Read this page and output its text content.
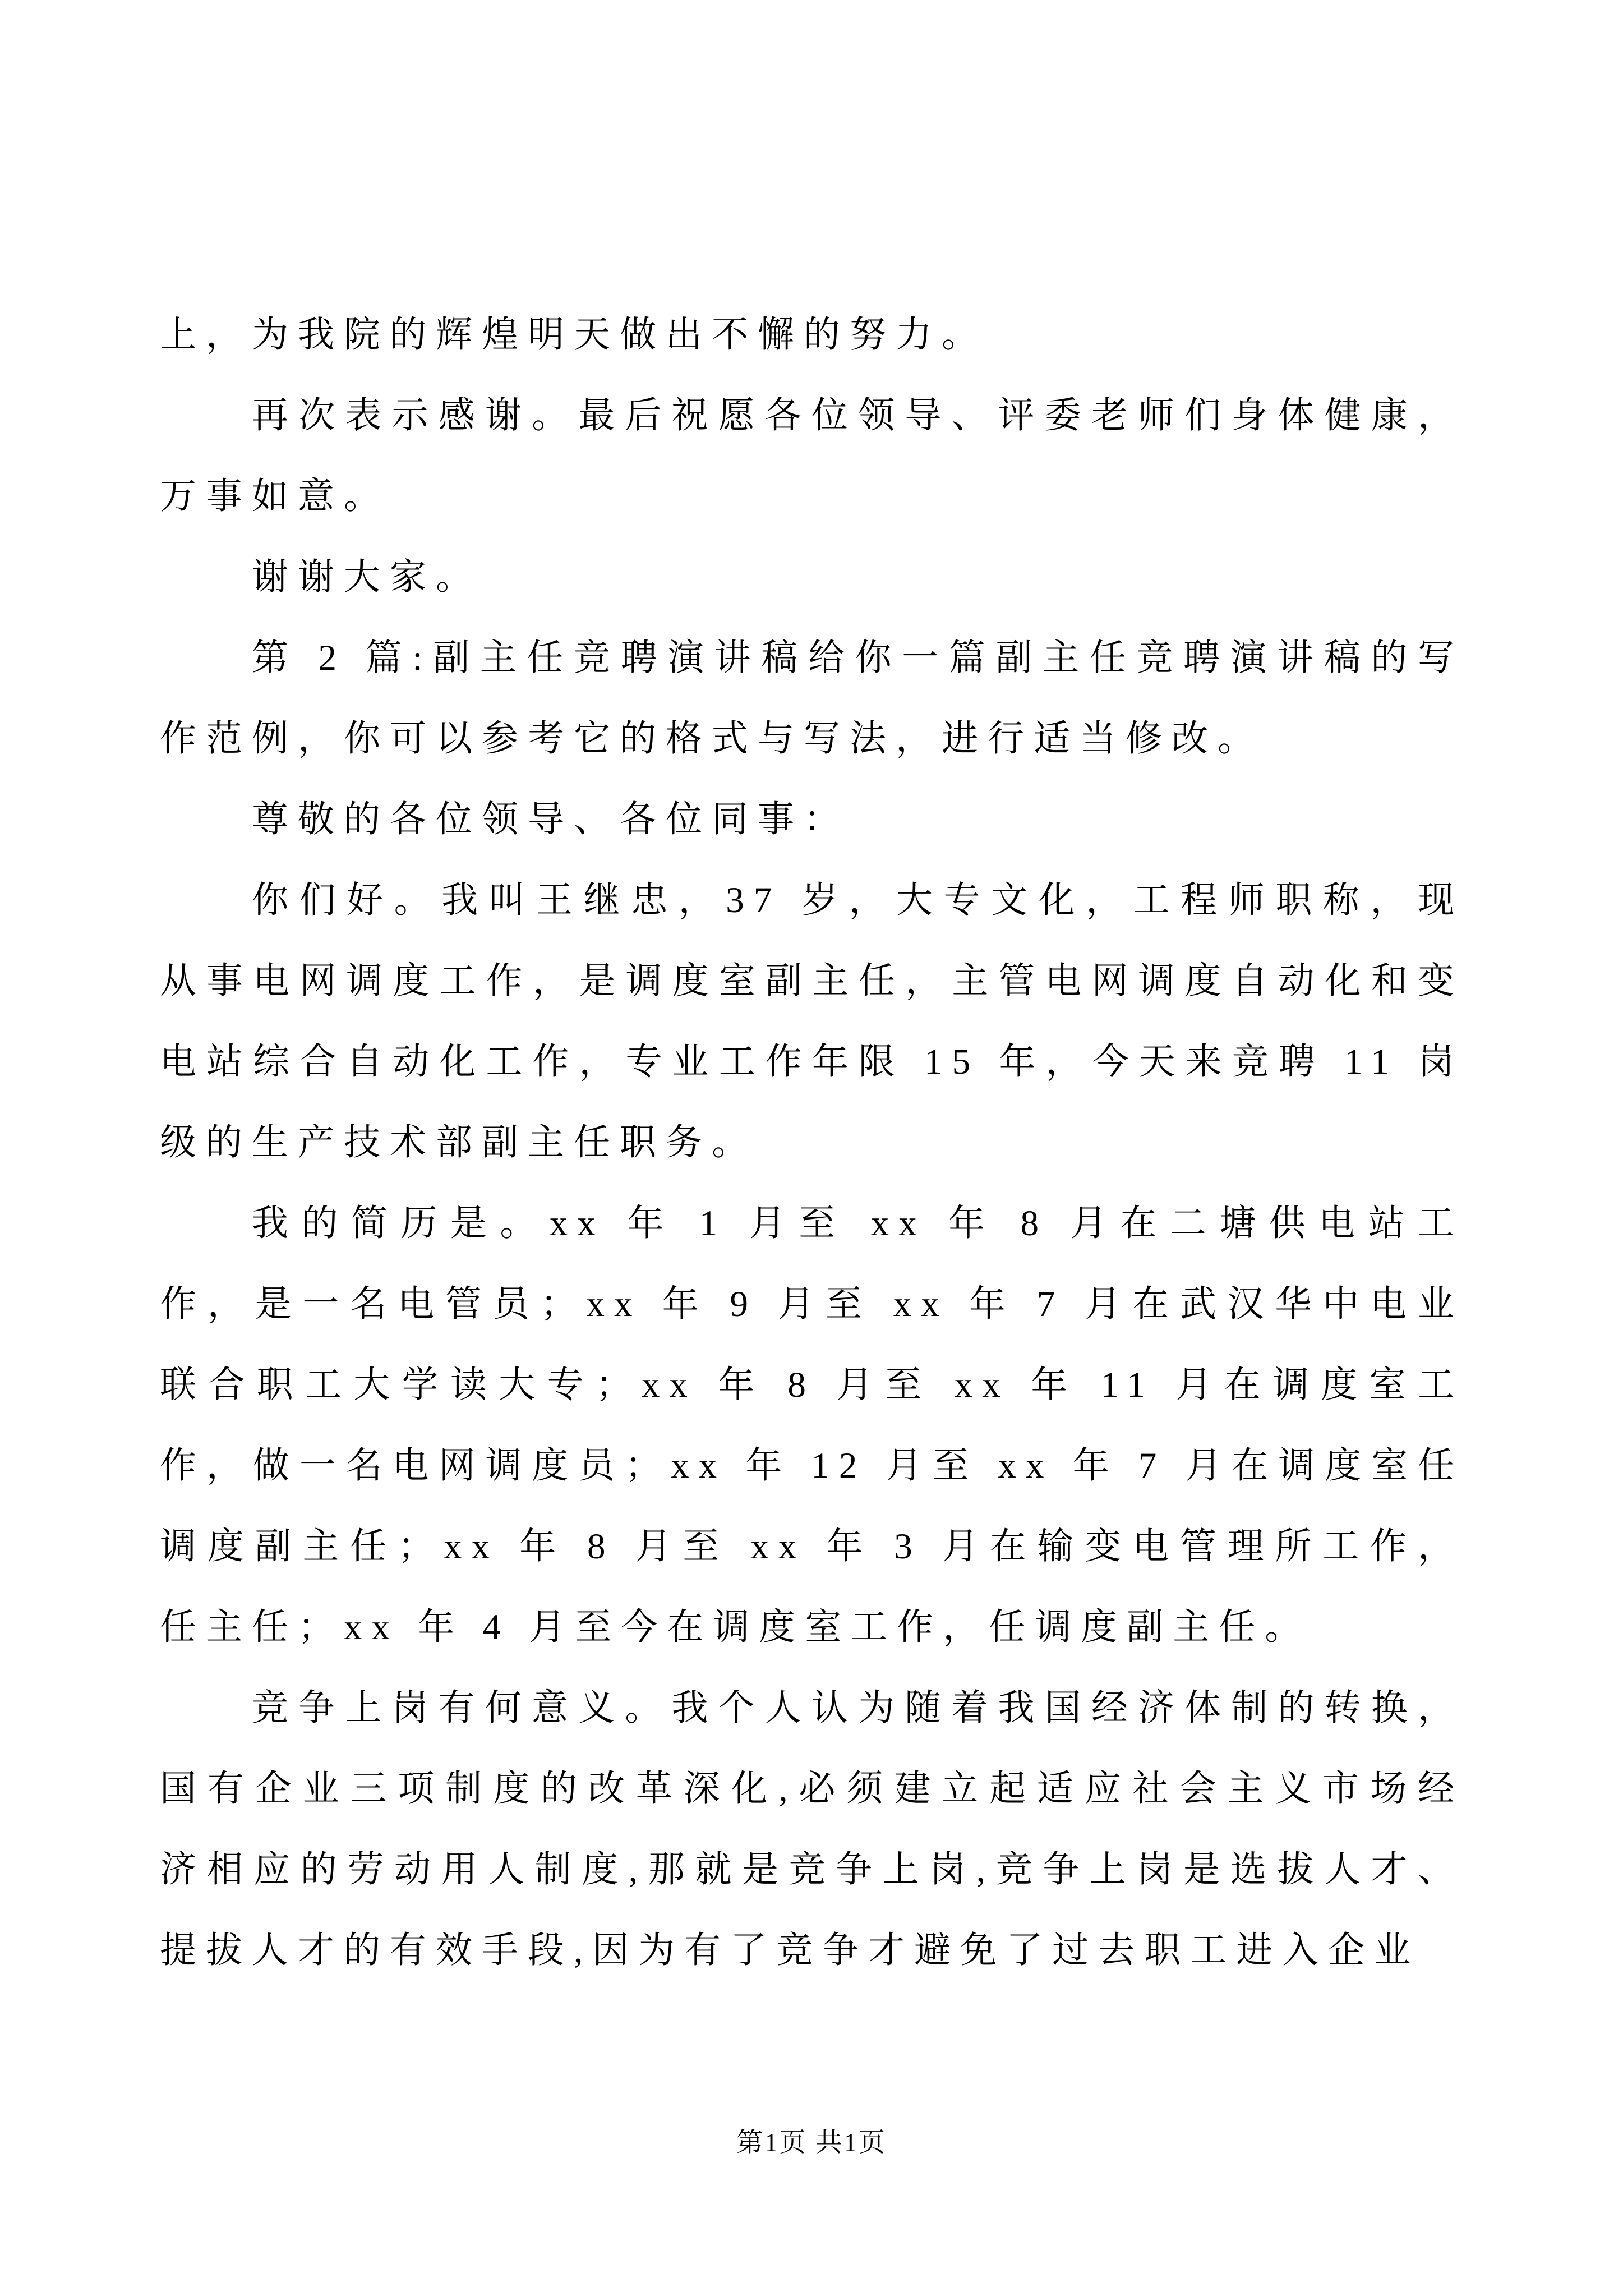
上，为我院的辉煌明天做出不懈的努力。

再次表示感谢。最后祝愿各位领导、评委老师们身体健康，万事如意。

谢谢大家。

第 2 篇:副主任竞聘演讲稿给你一篇副主任竞聘演讲稿的写作范例，你可以参考它的格式与写法，进行适当修改。

尊敬的各位领导、各位同事：

你们好。我叫王继忠，37 岁，大专文化，工程师职称，现从事电网调度工作，是调度室副主任，主管电网调度自动化和变电站综合自动化工作，专业工作年限 15 年，今天来竞聘 11 岗级的生产技术部副主任职务。

我的简历是。xx 年 1 月至 xx 年 8 月在二塘供电站工作，是一名电管员；xx 年 9 月至 xx 年 7 月在武汉华中电业联合职工大学读大专；xx 年 8 月至 xx 年 11 月在调度室工作，做一名电网调度员；xx 年 12 月至 xx 年 7 月在调度室任调度副主任；xx 年 8 月至 xx 年 3 月在输变电管理所工作，任主任；xx 年 4 月至今在调度室工作，任调度副主任。

竞争上岗有何意义。我个人认为随着我国经济体制的转换，国有企业三项制度的改革深化,必须建立起适应社会主义市场经济相应的劳动用人制度,那就是竞争上岗,竞争上岗是选拔人才、提拔人才的有效手段,因为有了竞争才避免了过去职工进入企业

第1页 共1页
